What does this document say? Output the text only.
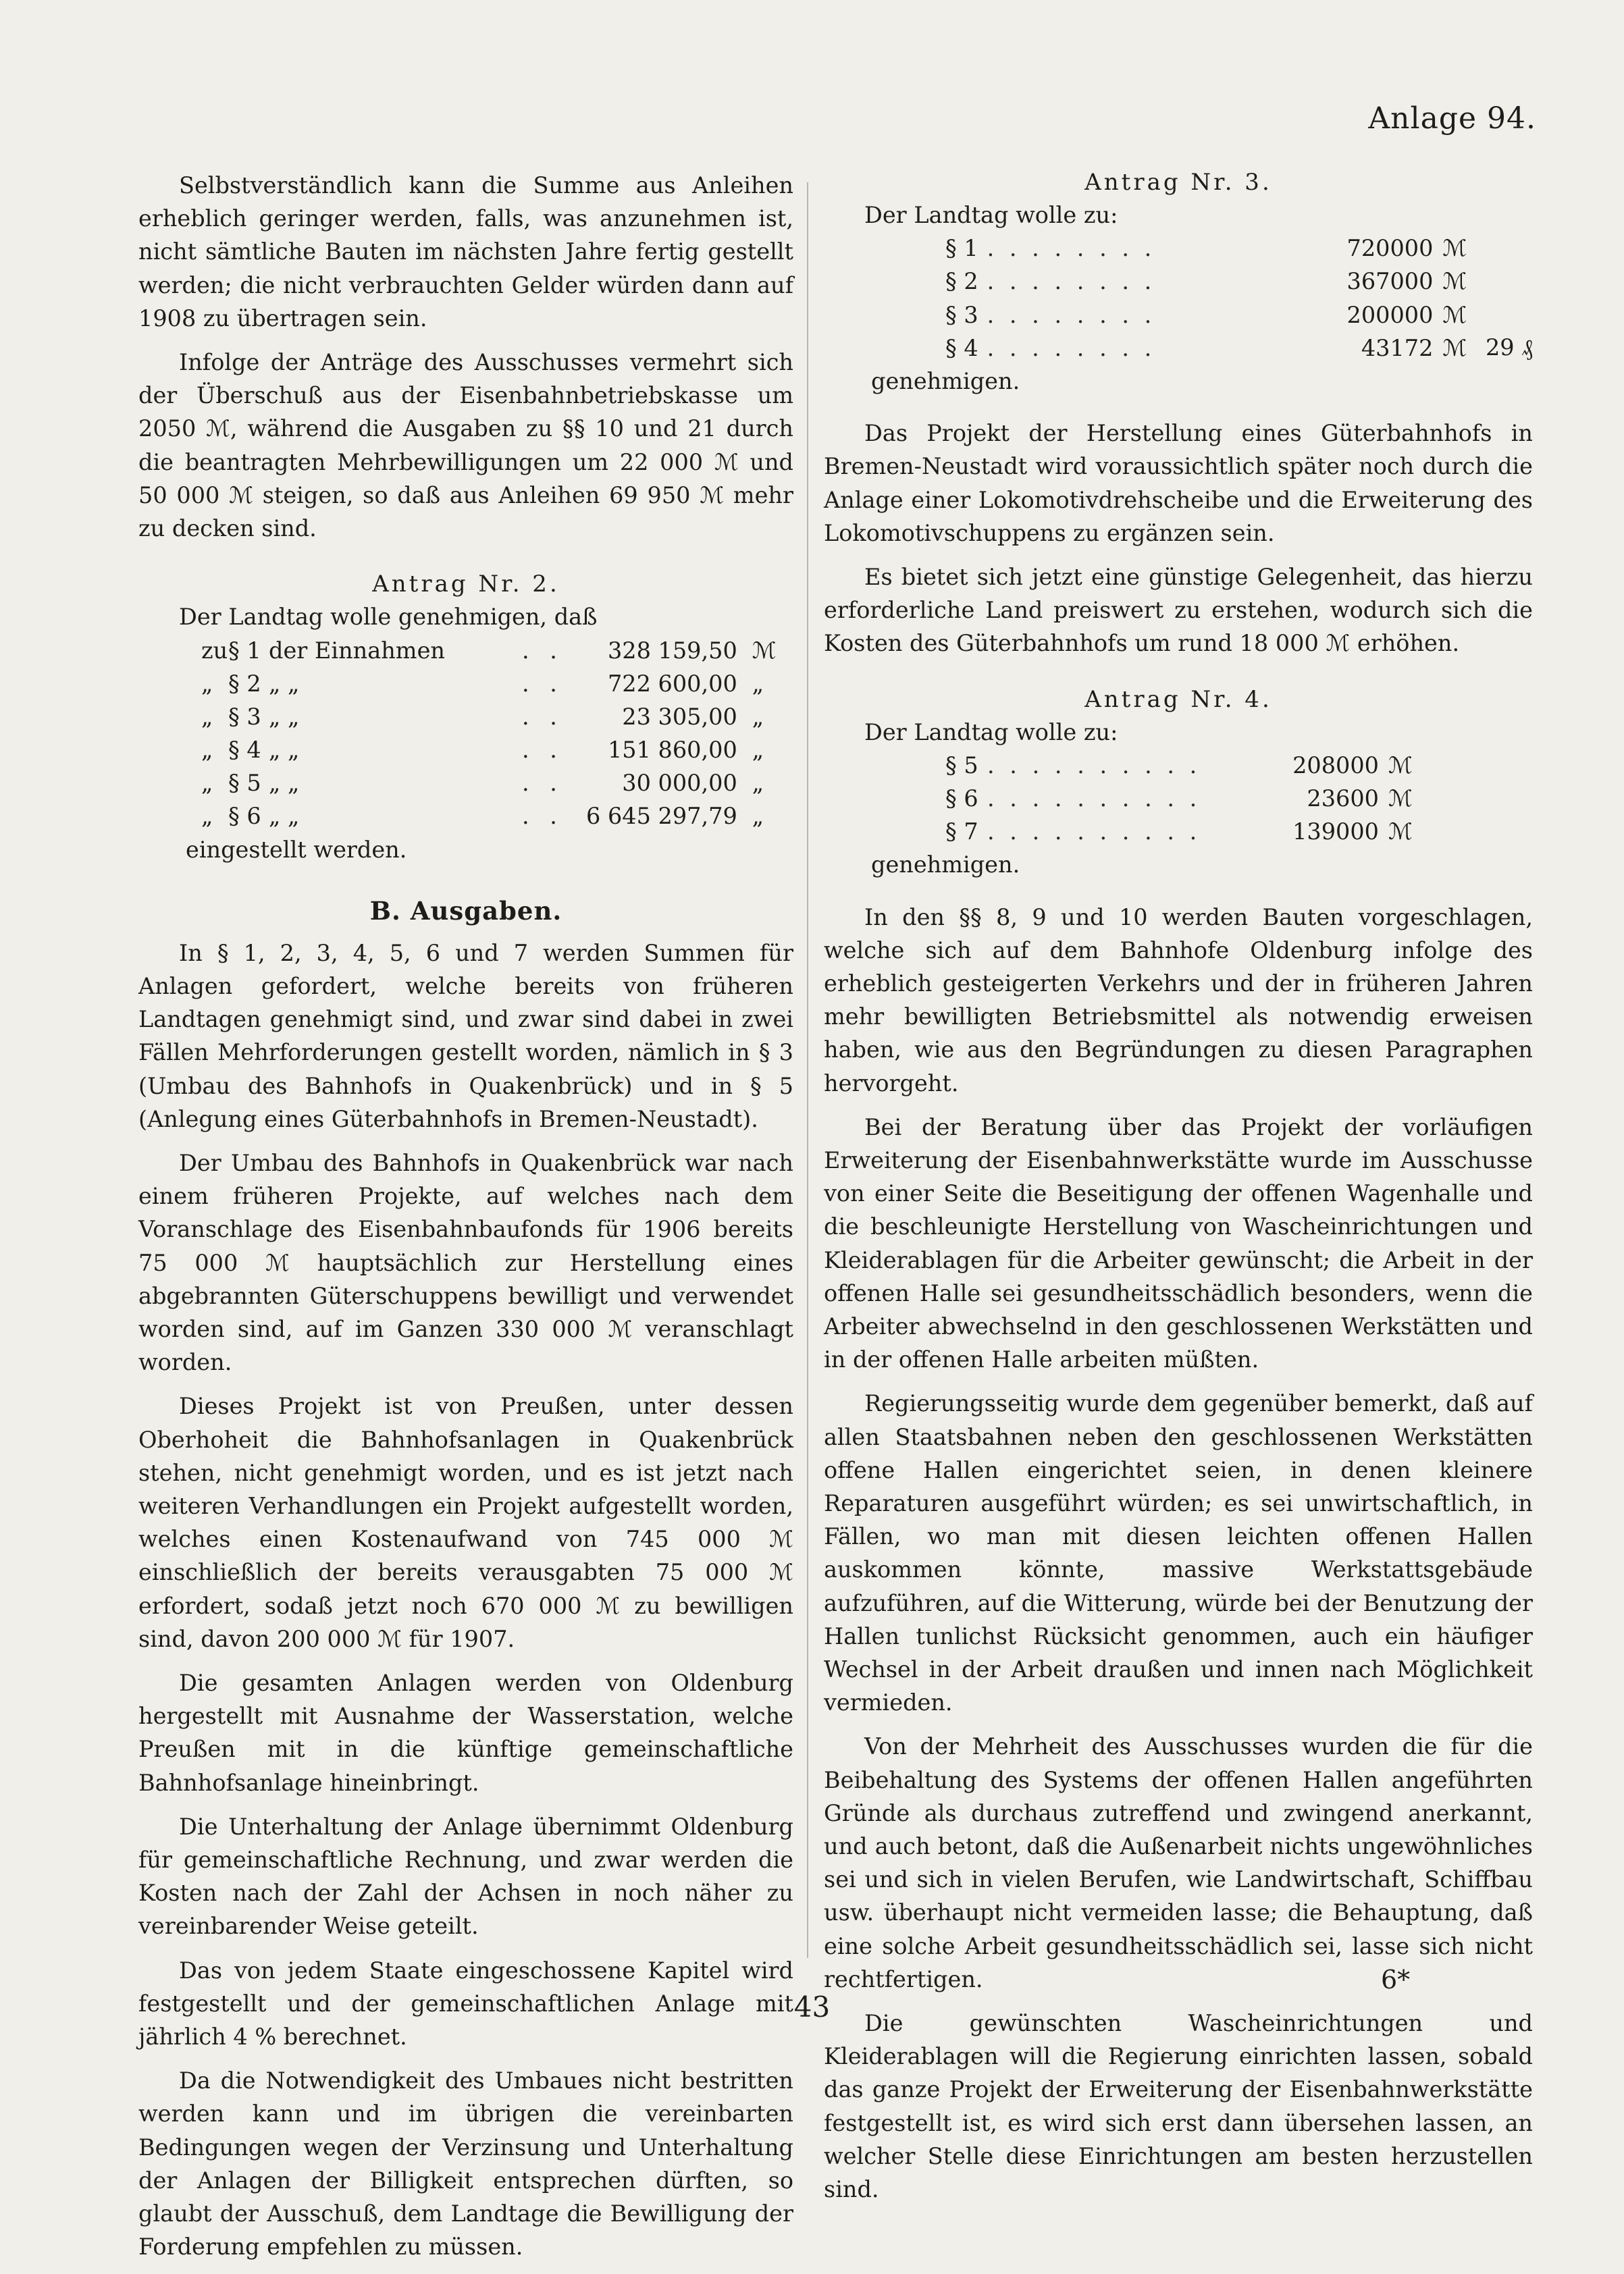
Anlage 94.

Selbstverständlich kann die Summe aus Anleihen erheblich geringer werden, falls, was anzunehmen ist, nicht sämtliche Bauten im nächsten Jahre fertig gestellt werden; die nicht verbrauchten Gelder würden dann auf 1908 zu übertragen sein.

Infolge der Anträge des Ausschusses vermehrt sich der Überschuß aus der Eisenbahnbetriebskasse um 2050 ℳ, während die Ausgaben zu §§ 10 und 21 durch die beantragten Mehrbewilligungen um 22 000 ℳ und 50 000 ℳ steigen, so daß aus Anleihen 69 950 ℳ mehr zu decken sind.

Antrag Nr. 2.
Der Landtag wolle genehmigen, daß
zu	§ 1	der Einnahmen	. .	328 159,50	ℳ
„	§ 2	„ „	. .	722 600,00	„
„	§ 3	„ „	. .	23 305,00	„
„	§ 4	„ „	. .	151 860,00	„
„	§ 5	„ „	. .	30 000,00	„
„	§ 6	„ „	. .	6 645 297,79	„
eingestellt werden.
B. Ausgaben.

In § 1, 2, 3, 4, 5, 6 und 7 werden Summen für Anlagen gefordert, welche bereits von früheren Landtagen genehmigt sind, und zwar sind dabei in zwei Fällen Mehrforderungen gestellt worden, nämlich in § 3 (Umbau des Bahnhofs in Quakenbrück) und in § 5 (Anlegung eines Güterbahnhofs in Bremen-Neustadt).

Der Umbau des Bahnhofs in Quakenbrück war nach einem früheren Projekte, auf welches nach dem Voranschlage des Eisenbahnbaufonds für 1906 bereits 75 000 ℳ hauptsächlich zur Herstellung eines abgebrannten Güterschuppens bewilligt und verwendet worden sind, auf im Ganzen 330 000 ℳ veranschlagt worden.

Dieses Projekt ist von Preußen, unter dessen Oberhoheit die Bahnhofsanlagen in Quakenbrück stehen, nicht genehmigt worden, und es ist jetzt nach weiteren Verhandlungen ein Projekt aufgestellt worden, welches einen Kostenaufwand von 745 000 ℳ einschließlich der bereits verausgabten 75 000 ℳ erfordert, sodaß jetzt noch 670 000 ℳ zu bewilligen sind, davon 200 000 ℳ für 1907.

Die gesamten Anlagen werden von Oldenburg hergestellt mit Ausnahme der Wasserstation, welche Preußen mit in die künftige gemeinschaftliche Bahnhofsanlage hineinbringt.

Die Unterhaltung der Anlage übernimmt Oldenburg für gemeinschaftliche Rechnung, und zwar werden die Kosten nach der Zahl der Achsen in noch näher zu vereinbarender Weise geteilt.

Das von jedem Staate eingeschossene Kapitel wird festgestellt und der gemeinschaftlichen Anlage mit jährlich 4 % berechnet.

Da die Notwendigkeit des Umbaues nicht bestritten werden kann und im übrigen die vereinbarten Bedingungen wegen der Verzinsung und Unterhaltung der Anlagen der Billigkeit entsprechen dürften, so glaubt der Ausschuß, dem Landtage die Bewilligung der Forderung empfehlen zu müssen.

Antrag Nr. 3.
Der Landtag wolle zu:
§ 1	. . . . . . . .	720000	ℳ	
§ 2	. . . . . . . .	367000	ℳ	
§ 3	. . . . . . . .	200000	ℳ	
§ 4	. . . . . . . .	43172	ℳ	29 ₰
genehmigen.

Das Projekt der Herstellung eines Güterbahnhofs in Bremen-Neustadt wird voraussichtlich später noch durch die Anlage einer Lokomotivdrehscheibe und die Erweiterung des Lokomotivschuppens zu ergänzen sein.

Es bietet sich jetzt eine günstige Gelegenheit, das hierzu erforderliche Land preiswert zu erstehen, wodurch sich die Kosten des Güterbahnhofs um rund 18 000 ℳ erhöhen.

Antrag Nr. 4.
Der Landtag wolle zu:
§ 5	. . . . . . . . . .	208000	ℳ
§ 6	. . . . . . . . . .	23600	ℳ
§ 7	. . . . . . . . . .	139000	ℳ
genehmigen.

In den §§ 8, 9 und 10 werden Bauten vorgeschlagen, welche sich auf dem Bahnhofe Oldenburg infolge des erheblich gesteigerten Verkehrs und der in früheren Jahren mehr bewilligten Betriebsmittel als notwendig erweisen haben, wie aus den Begründungen zu diesen Paragraphen hervorgeht.

Bei der Beratung über das Projekt der vorläufigen Erweiterung der Eisenbahnwerkstätte wurde im Ausschusse von einer Seite die Beseitigung der offenen Wagenhalle und die beschleunigte Herstellung von Wascheinrichtungen und Kleiderablagen für die Arbeiter gewünscht; die Arbeit in der offenen Halle sei gesundheitsschädlich besonders, wenn die Arbeiter abwechselnd in den geschlossenen Werkstätten und in der offenen Halle arbeiten müßten.

Regierungsseitig wurde dem gegenüber bemerkt, daß auf allen Staatsbahnen neben den geschlossenen Werkstätten offene Hallen eingerichtet seien, in denen kleinere Reparaturen ausgeführt würden; es sei unwirtschaftlich, in Fällen, wo man mit diesen leichten offenen Hallen auskommen könnte, massive Werkstattsgebäude aufzuführen, auf die Witterung, würde bei der Benutzung der Hallen tunlichst Rücksicht genommen, auch ein häufiger Wechsel in der Arbeit draußen und innen nach Möglichkeit vermieden.

Von der Mehrheit des Ausschusses wurden die für die Beibehaltung des Systems der offenen Hallen angeführten Gründe als durchaus zutreffend und zwingend anerkannt, und auch betont, daß die Außenarbeit nichts ungewöhnliches sei und sich in vielen Berufen, wie Landwirtschaft, Schiffbau usw. überhaupt nicht vermeiden lasse; die Behauptung, daß eine solche Arbeit gesundheitsschädlich sei, lasse sich nicht rechtfertigen.

Die gewünschten Wascheinrichtungen und Kleiderablagen will die Regierung einrichten lassen, sobald das ganze Projekt der Erweiterung der Eisenbahnwerkstätte festgestellt ist, es wird sich erst dann übersehen lassen, an welcher Stelle diese Einrichtungen am besten herzustellen sind.

6*
43
